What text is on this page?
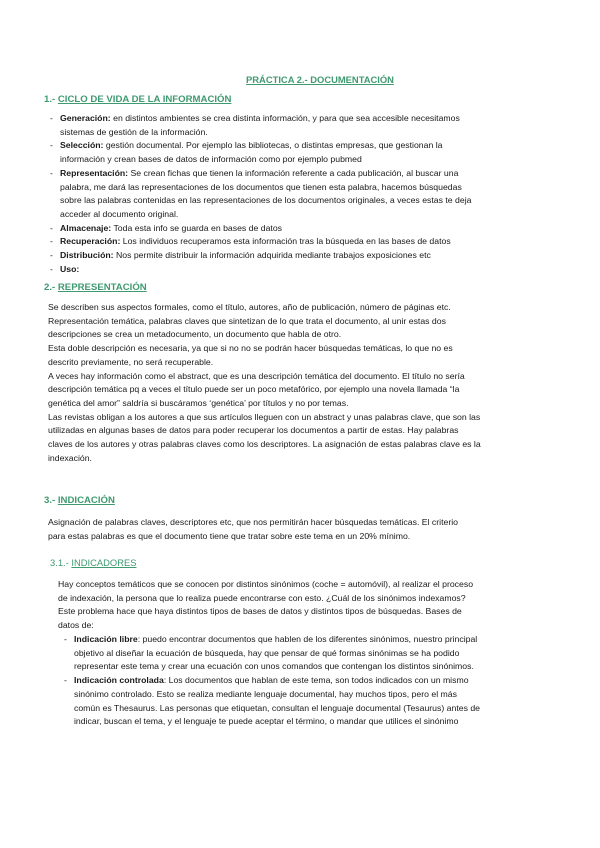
PRÁCTICA 2.- DOCUMENTACIÓN
1.- CICLO DE VIDA DE LA INFORMACIÓN
- Generación: en distintos ambientes se crea distinta información, y para que sea accesible necesitamos
sistemas de gestión de la información.
- Selección: gestión documental. Por ejemplo las bibliotecas, o distintas empresas, que gestionan la
información y crean bases de datos de información como por ejemplo pubmed
- Representación: Se crean fichas que tienen la información referente a cada publicación, al buscar una
palabra, me dará las representaciones de los documentos que tienen esta palabra, hacemos búsquedas
sobre las palabras contenidas en las representaciones de los documentos originales, a veces estas te deja
acceder al documento original.
- Almacenaje: Toda esta info se guarda en bases de datos
- Recuperación: Los individuos recuperamos esta información tras la búsqueda en las bases de datos
- Distribución: Nos permite distribuir la información adquirida mediante trabajos exposiciones etc
- Uso:
2.- REPRESENTACIÓN

Se describen sus aspectos formales, como el título, autores, año de publicación, número de páginas etc.

Representación temática, palabras claves que sintetizan de lo que trata el documento, al unir estas dos

descripciones se crea un metadocumento, un documento que habla de otro.

Esta doble descripción es necesaria, ya que si no no se podrán hacer búsquedas temáticas, lo que no es

descrito previamente, no será recuperable.

A veces hay información como el abstract, que es una descripción temática del documento. El título no sería

descripción temática pq a veces el título puede ser un poco metafórico, por ejemplo una novela llamada “la

genética del amor” saldría si buscáramos ‘genética’ por títulos y no por temas.

Las revistas obligan a los autores a que sus artículos lleguen con un abstract y unas palabras clave, que son las

utilizadas en algunas bases de datos para poder recuperar los documentos a partir de estas. Hay palabras

claves de los autores y otras palabras claves como los descriptores. La asignación de estas palabras clave es la

indexación.

3.- INDICACIÓN

Asignación de palabras claves, descriptores etc, que nos permitirán hacer búsquedas temáticas. El criterio

para estas palabras es que el documento tiene que tratar sobre este tema en un 20% mínimo.

3.1.- INDICADORES

Hay conceptos temáticos que se conocen por distintos sinónimos (coche = automóvil), al realizar el proceso

de indexación, la persona que lo realiza puede encontrarse con esto. ¿Cuál de los sinónimos indexamos?

Este problema hace que haya distintos tipos de bases de datos y distintos tipos de búsquedas. Bases de

datos de:

- Indicación libre: puedo encontrar documentos que hablen de los diferentes sinónimos, nuestro principal
objetivo al diseñar la ecuación de búsqueda, hay que pensar de qué formas sinónimas se ha podido
representar este tema y crear una ecuación con unos comandos que contengan los distintos sinónimos.
- Indicación controlada: Los documentos que hablan de este tema, son todos indicados con un mismo
sinónimo controlado. Esto se realiza mediante lenguaje documental, hay muchos tipos, pero el más
común es Thesaurus. Las personas que etiquetan, consultan el lenguaje documental (Tesaurus) antes de
indicar, buscan el tema, y el lenguaje te puede aceptar el término, o mandar que utilices el sinónimo
